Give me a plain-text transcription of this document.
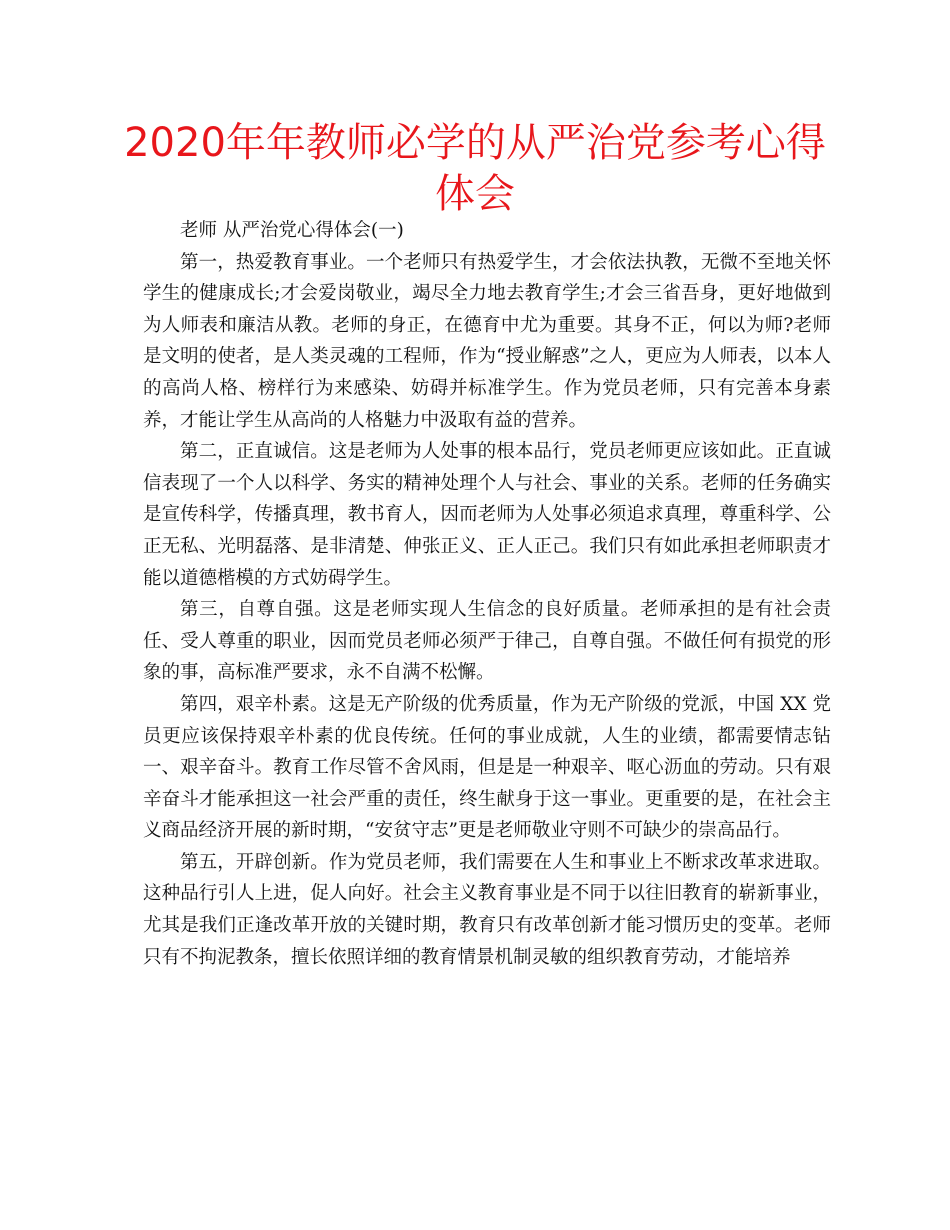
2020年年教师必学的从严治党参考心得体会

老师 从严治党心得体会(一)

第一，热爱教育事业。一个老师只有热爱学生，才会依法执教，无微不至地关怀学生的健康成长;才会爱岗敬业，竭尽全力地去教育学生;才会三省吾身，更好地做到为人师表和廉洁从教。老师的身正，在德育中尤为重要。其身不正，何以为师?老师是文明的使者，是人类灵魂的工程师，作为“授业解惑”之人，更应为人师表，以本人的高尚人格、榜样行为来感染、妨碍并标准学生。作为党员老师，只有完善本身素养，才能让学生从高尚的人格魅力中汲取有益的营养。

第二，正直诚信。这是老师为人处事的根本品行，党员老师更应该如此。正直诚信表现了一个人以科学、务实的精神处理个人与社会、事业的关系。老师的任务确实是宣传科学，传播真理，教书育人，因而老师为人处事必须追求真理，尊重科学、公正无私、光明磊落、是非清楚、伸张正义、正人正己。我们只有如此承担老师职责才能以道德楷模的方式妨碍学生。

第三，自尊自强。这是老师实现人生信念的良好质量。老师承担的是有社会责任、受人尊重的职业，因而党员老师必须严于律己，自尊自强。不做任何有损党的形象的事，高标准严要求，永不自满不松懈。

第四，艰辛朴素。这是无产阶级的优秀质量，作为无产阶级的党派，中国 XX 党员更应该保持艰辛朴素的优良传统。任何的事业成就，人生的业绩，都需要情志钻一、艰辛奋斗。教育工作尽管不舍风雨，但是是一种艰辛、呕心沥血的劳动。只有艰辛奋斗才能承担这一社会严重的责任，终生献身于这一事业。更重要的是，在社会主义商品经济开展的新时期，“安贫守志”更是老师敬业守则不可缺少的崇高品行。

第五，开辟创新。作为党员老师，我们需要在人生和事业上不断求改革求进取。这种品行引人上进，促人向好。社会主义教育事业是不同于以往旧教育的崭新事业，尤其是我们正逢改革开放的关键时期，教育只有改革创新才能习惯历史的变革。老师只有不拘泥教条，擅长依照详细的教育情景机制灵敏的组织教育劳动，才能培养
